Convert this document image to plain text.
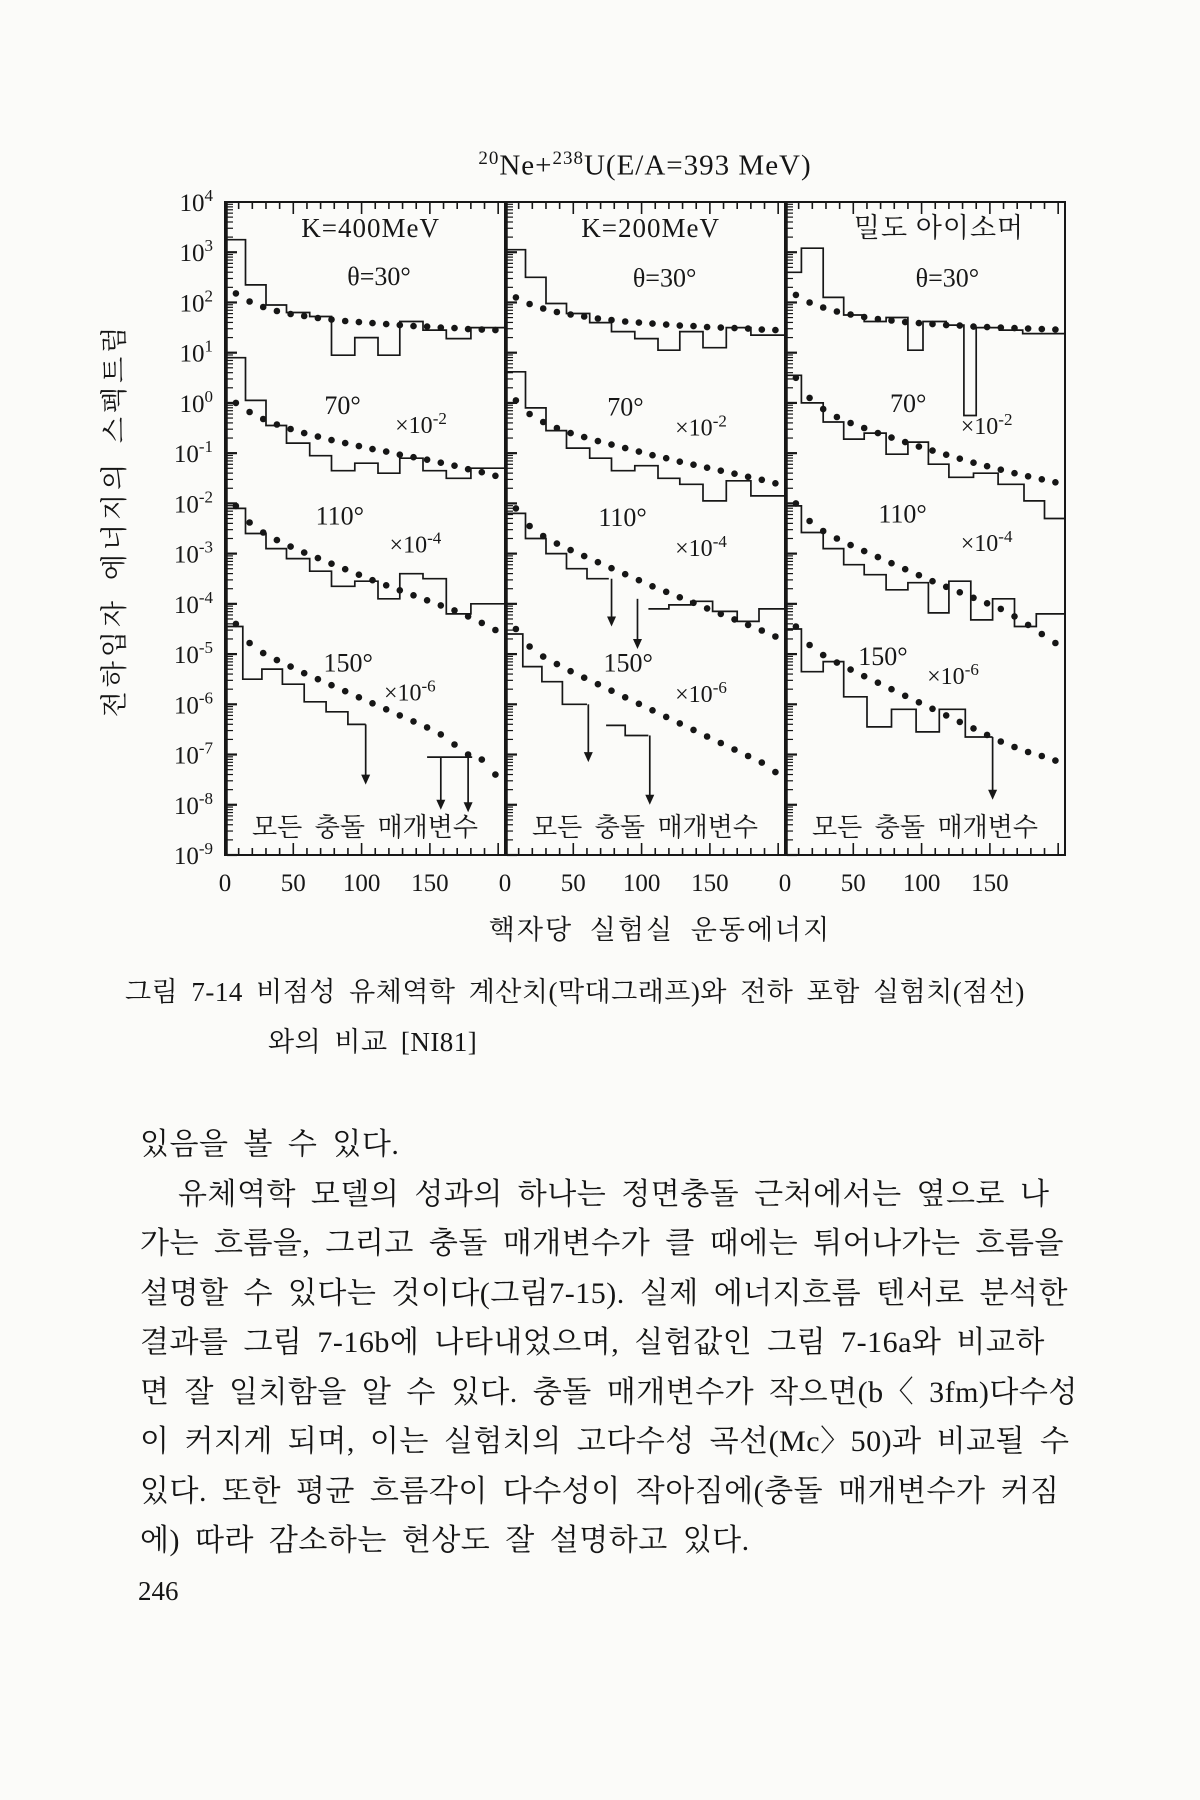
$10^4$
$10^3$
$10^2$
$10^1$
$10^0$
$10^{-1}$
$10^{-2}$
$10^{-3}$
$10^{-4}$
$10^{-5}$
$10^{-6}$
$10^{-7}$
$10^{-8}$
$10^{-9}$
0 50 100 150
K=400MeV
모든 충돌 매개변수
θ=30°
70°
$\times 10^{-2}$
110°
$\times 10^{-4}$
150°
$\times 10^{-6}$
0 50 100 150
K=200MeV
모든 충돌 매개변수
θ=30°
70°
$\times 10^{-2}$
110°
$\times 10^{-4}$
150°
$\times 10^{-6}$
0 50 100 150
밀도 아이소머
모든 충돌 매개변수
θ=30°
70°
$\times 10^{-2}$
110°
$\times 10^{-4}$
150°
$\times 10^{-6}$
$^{20}$Ne+$^{238}$U(E/A=393 MeV)
전하입자 에너지의 스펙트럼
핵자당 실험실 운동에너지
그림 7-14 비점성 유체역학 계산치(막대그래프)와 전하 포함 실험치(점선)
와의 비교 [NI81]
있음을 볼 수 있다.
유체역학 모델의 성과의 하나는 정면충돌 근처에서는 옆으로 나
가는 흐름을, 그리고 충돌 매개변수가 클 때에는 튀어나가는 흐름을
설명할 수 있다는 것이다(그림7-15). 실제 에너지흐름 텐서로 분석한
결과를 그림 7-16b에 나타내었으며, 실험값인 그림 7-16a와 비교하
면 잘 일치함을 알 수 있다. 충돌 매개변수가 작으면(b〈 3fm)다수성
이 커지게 되며, 이는 실험치의 고다수성 곡선(Mc〉50)과 비교될 수
있다. 또한 평균 흐름각이 다수성이 작아짐에(충돌 매개변수가 커짐
에) 따라 감소하는 현상도 잘 설명하고 있다.
246
